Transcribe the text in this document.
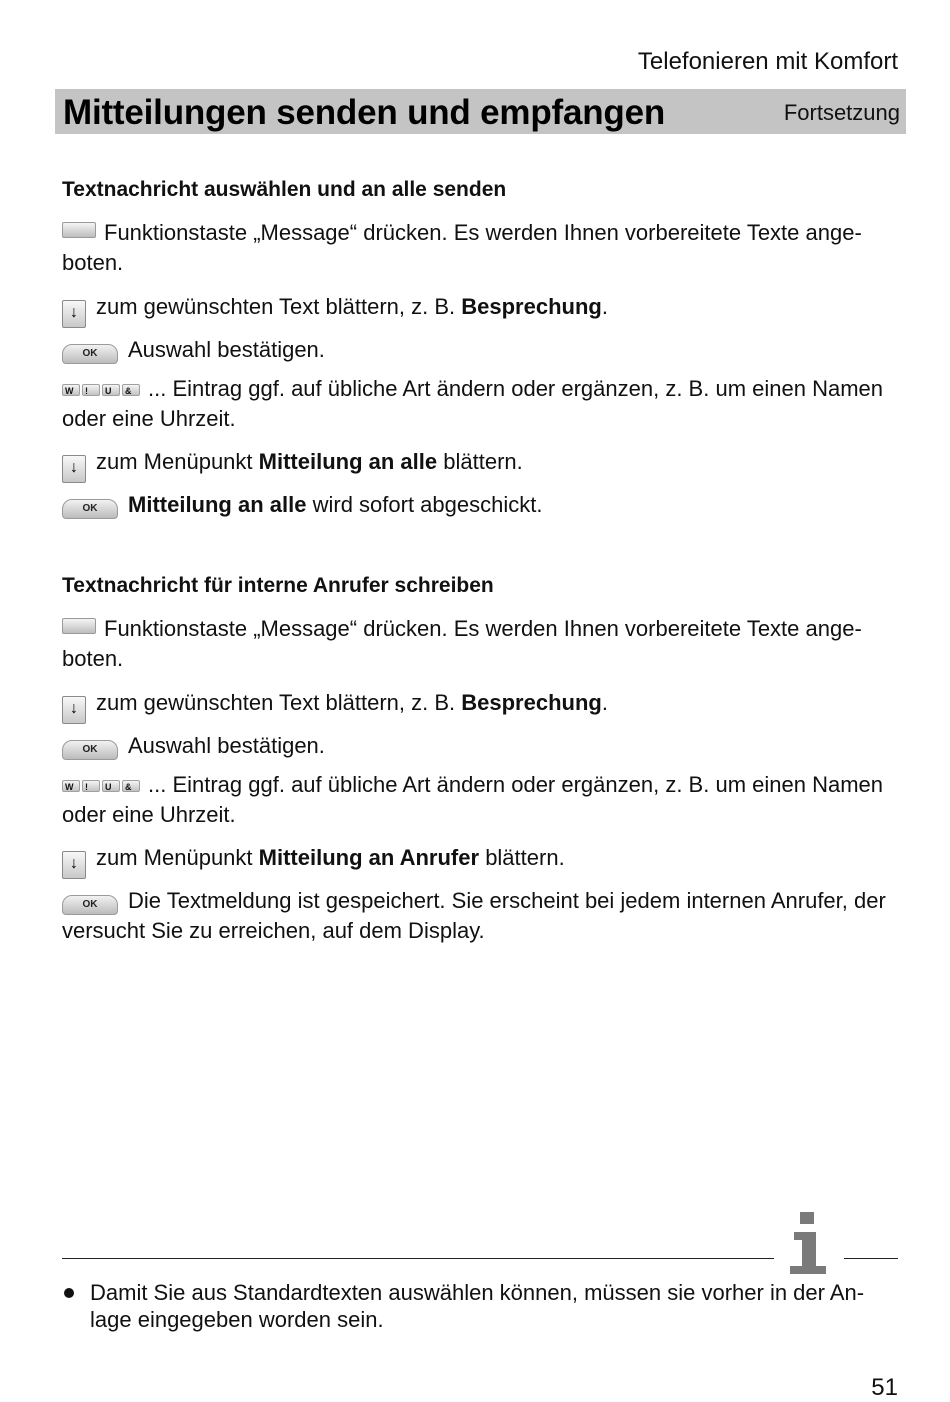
Telefonieren mit Komfort
Mitteilungen senden und empfangen	Fortsetzung
Textnachricht auswählen und an alle senden
Funktionstaste „Message“ drücken. Es werden Ihnen vorbereitete Texte ange- boten.
↓ zum gewünschten Text blättern, z. B. Besprechung.
OK Auswahl bestätigen.
W ! U & ... Eintrag ggf. auf übliche Art ändern oder ergänzen, z. B. um einen Namen oder eine Uhrzeit.
↓ zum Menüpunkt Mitteilung an alle blättern.
OK Mitteilung an alle wird sofort abgeschickt.
Textnachricht für interne Anrufer schreiben
Funktionstaste „Message“ drücken. Es werden Ihnen vorbereitete Texte ange- boten.
↓ zum gewünschten Text blättern, z. B. Besprechung.
OK Auswahl bestätigen.
W ! U & ... Eintrag ggf. auf übliche Art ändern oder ergänzen, z. B. um einen Namen oder eine Uhrzeit.
↓ zum Menüpunkt Mitteilung an Anrufer blättern.
OK Die Textmeldung ist gespeichert. Sie erscheint bei jedem internen Anrufer, der versucht Sie zu erreichen, auf dem Display.
Damit Sie aus Standardtexten auswählen können, müssen sie vorher in der An- lage eingegeben worden sein.
51
